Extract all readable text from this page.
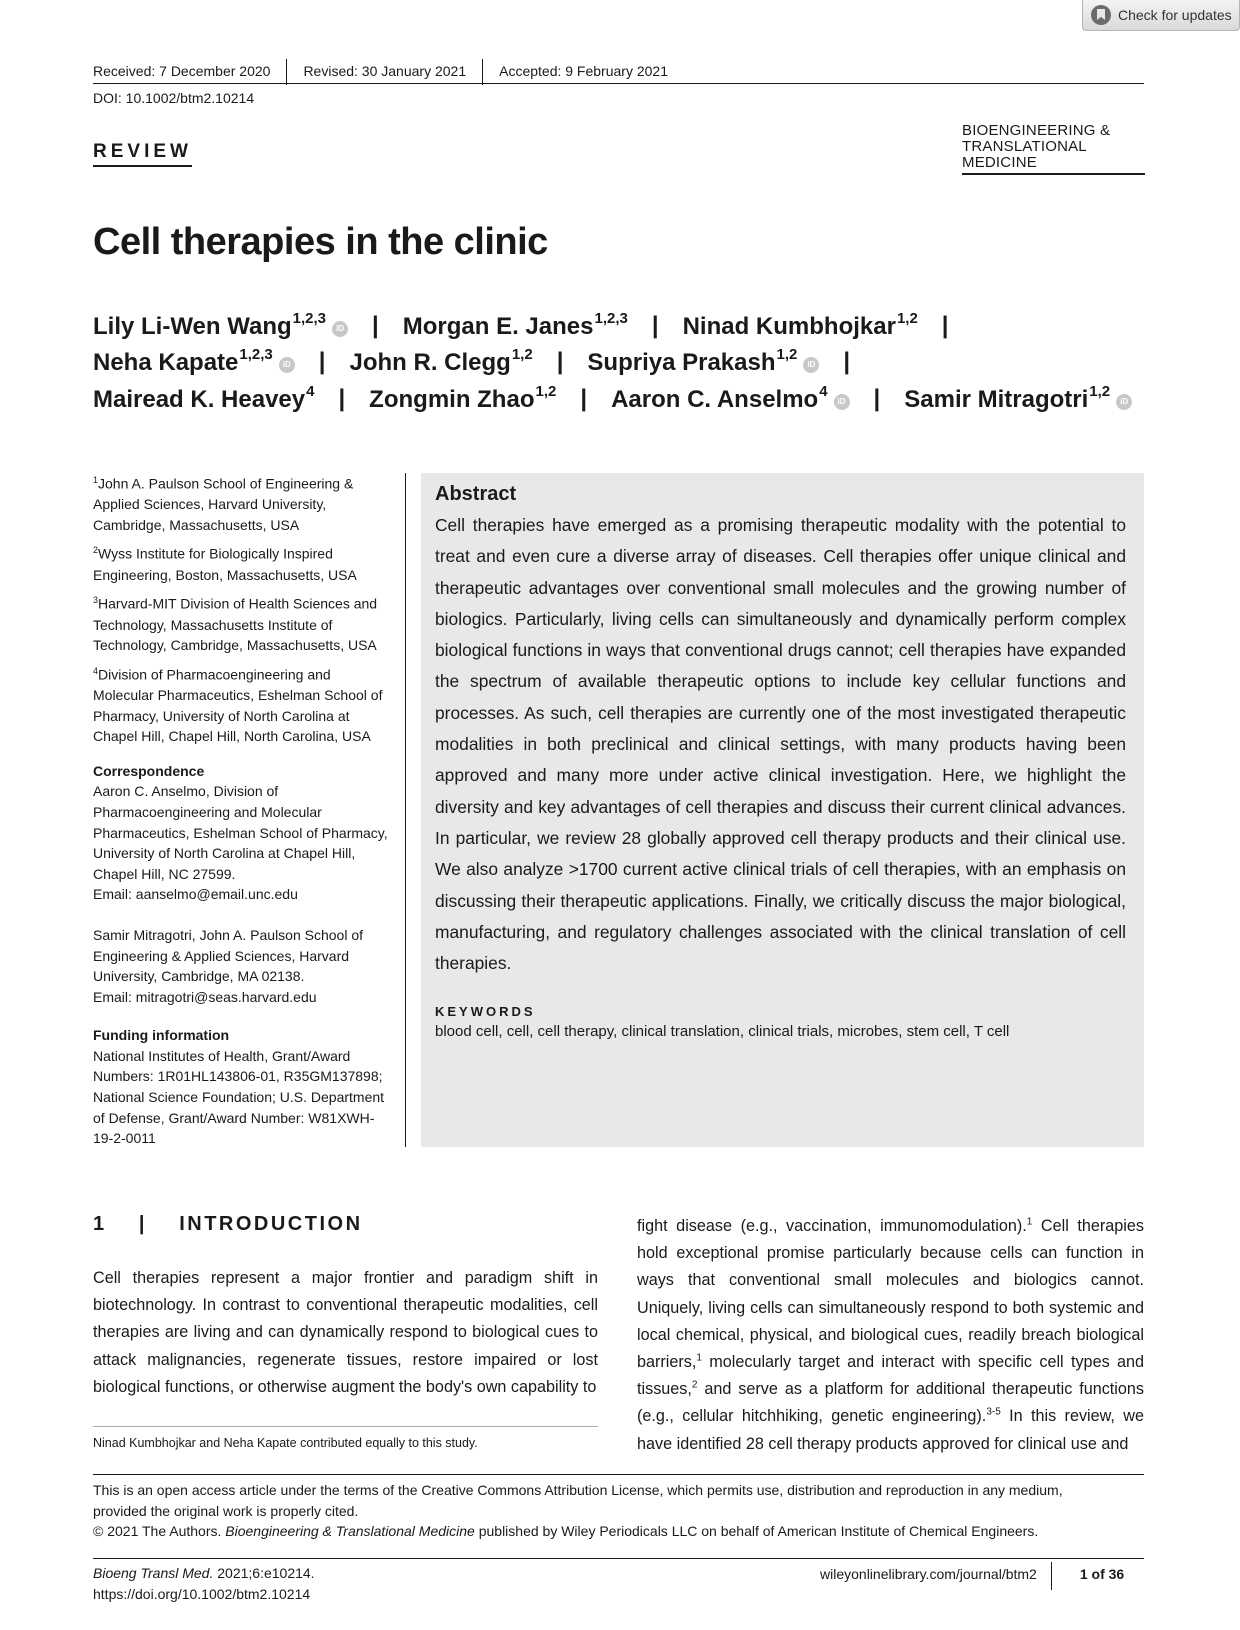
Check for updates
Received: 7 December 2020	Revised: 30 January 2021	Accepted: 9 February 2021
DOI: 10.1002/btm2.10214
REVIEW
BIOENGINEERING &
TRANSLATIONAL MEDICINE
Cell therapies in the clinic
Lily Li-Wen Wang$^{1,2,3}$
iD | Morgan E. Janes$^{1,2,3}$ | Ninad Kumbhojkar$^{1,2}$ |
Neha Kapate$^{1,2,3}$
iD | John R. Clegg$^{1,2}$ | Supriya Prakash$^{1,2}$
iD |
Mairead K. Heavey$^4$ | Zongmin Zhao$^{1,2}$ | Aaron C. Anselmo$^4$
iD | Samir Mitragotri$^{1,2}$
iD
$^1$John A. Paulson School of Engineering & Applied Sciences, Harvard University, Cambridge, Massachusetts, USA
$^2$Wyss Institute for Biologically Inspired Engineering, Boston, Massachusetts, USA
$^3$Harvard-MIT Division of Health Sciences and Technology, Massachusetts Institute of Technology, Cambridge, Massachusetts, USA
$^4$Division of Pharmacoengineering and Molecular Pharmaceutics, Eshelman School of Pharmacy, University of North Carolina at Chapel Hill, Chapel Hill, North Carolina, USA
Correspondence
Aaron C. Anselmo, Division of Pharmacoengineering and Molecular Pharmaceutics, Eshelman School of Pharmacy, University of North Carolina at Chapel Hill, Chapel Hill, NC 27599.
Email: aanselmo@email.unc.edu
Samir Mitragotri, John A. Paulson School of Engineering & Applied Sciences, Harvard University, Cambridge, MA 02138.
Email: mitragotri@seas.harvard.edu
Funding information
National Institutes of Health, Grant/Award Numbers: 1R01HL143806-01, R35GM137898; National Science Foundation; U.S. Department of Defense, Grant/Award Number: W81XWH-19-2-0011
Abstract
Cell therapies have emerged as a promising therapeutic modality with the potential to treat and even cure a diverse array of diseases. Cell therapies offer unique clinical and therapeutic advantages over conventional small molecules and the growing number of biologics. Particularly, living cells can simultaneously and dynamically perform complex biological functions in ways that conventional drugs cannot; cell therapies have expanded the spectrum of available therapeutic options to include key cellular functions and processes. As such, cell therapies are currently one of the most investigated therapeutic modalities in both preclinical and clinical settings, with many products having been approved and many more under active clinical investigation. Here, we highlight the diversity and key advantages of cell therapies and discuss their current clinical advances. In particular, we review 28 globally approved cell therapy products and their clinical use. We also analyze >1700 current active clinical trials of cell therapies, with an emphasis on discussing their therapeutic applications. Finally, we critically discuss the major biological, manufacturing, and regulatory challenges associated with the clinical translation of cell therapies.
KEYWORDS
blood cell, cell, cell therapy, clinical translation, clinical trials, microbes, stem cell, T cell
1 | INTRODUCTION
Cell therapies represent a major frontier and paradigm shift in biotechnology. In contrast to conventional therapeutic modalities, cell therapies are living and can dynamically respond to biological cues to attack malignancies, regenerate tissues, restore impaired or lost biological functions, or otherwise augment the body's own capability to
fight disease (e.g., vaccination, immunomodulation).$^1$ Cell therapies hold exceptional promise particularly because cells can function in ways that conventional small molecules and biologics cannot. Uniquely, living cells can simultaneously respond to both systemic and local chemical, physical, and biological cues, readily breach biological barriers,$^1$ molecularly target and interact with specific cell types and tissues,$^2$ and serve as a platform for additional therapeutic functions (e.g., cellular hitchhiking, genetic engineering).$^{3-5}$ In this review, we have identified 28 cell therapy products approved for clinical use and
Ninad Kumbhojkar and Neha Kapate contributed equally to this study.
This is an open access article under the terms of the Creative Commons Attribution License, which permits use, distribution and reproduction in any medium,
provided the original work is properly cited.
© 2021 The Authors. Bioengineering & Translational Medicine published by Wiley Periodicals LLC on behalf of American Institute of Chemical Engineers.
Bioeng Transl Med. 2021;6:e10214.
https://doi.org/10.1002/btm2.10214
wileyonlinelibrary.com/journal/btm2	1 of 36
